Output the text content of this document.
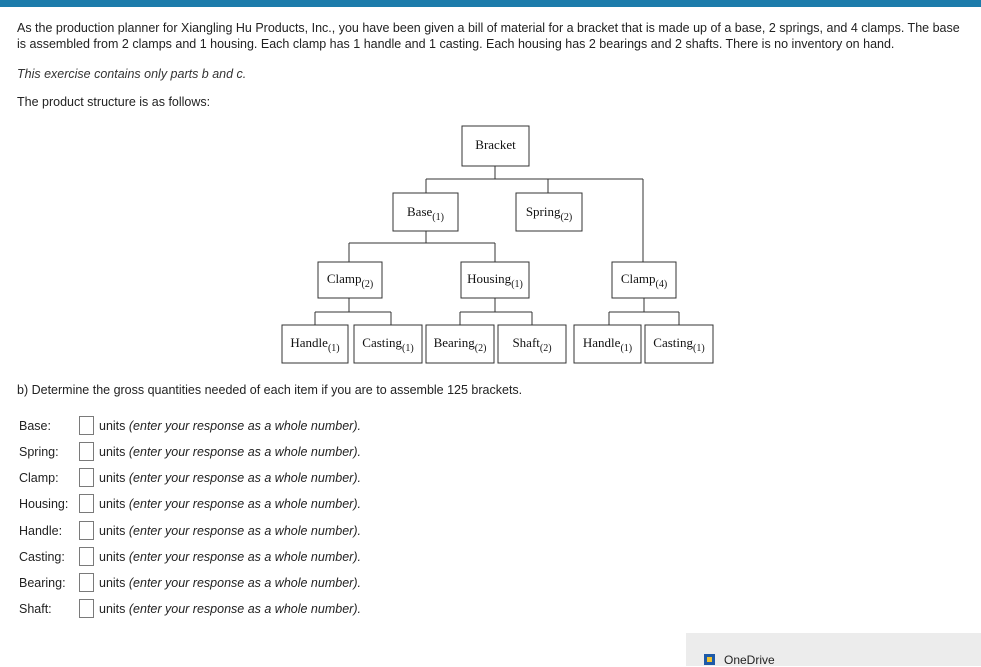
As the production planner for Xiangling Hu Products, Inc., you have been given a bill of material for a bracket that is made up of a base, 2 springs, and 4 clamps. The base is assembled from 2 clamps and 1 housing. Each clamp has 1 handle and 1 casting. Each housing has 2 bearings and 2 shafts. There is no inventory on hand.

This exercise contains only parts b and c.
The product structure is as follows:
Bracket
Base$_{(1)}$	Spring$_{(2)}$
Clamp$_{(2)}$	Housing$_{(1)}$	Clamp$_{(4)}$
Handle$_{(1)}$ Casting$_{(1)}$ Bearing$_{(2)}$ Shaft$_{(2)}$ Handle$_{(1)}$ Casting$_{(1)}$
b) Determine the gross quantities needed of each item if you are to assemble 125 brackets.
Base:	units (enter your response as a whole number).
Spring:	units (enter your response as a whole number).
Clamp:	units (enter your response as a whole number).
Housing: units (enter your response as a whole number).
Handle:	units (enter your response as a whole number).
Casting:	units (enter your response as a whole number).
Bearing:	units (enter your response as a whole number).
Shaft:	units (enter your response as a whole number).
OneDrive
